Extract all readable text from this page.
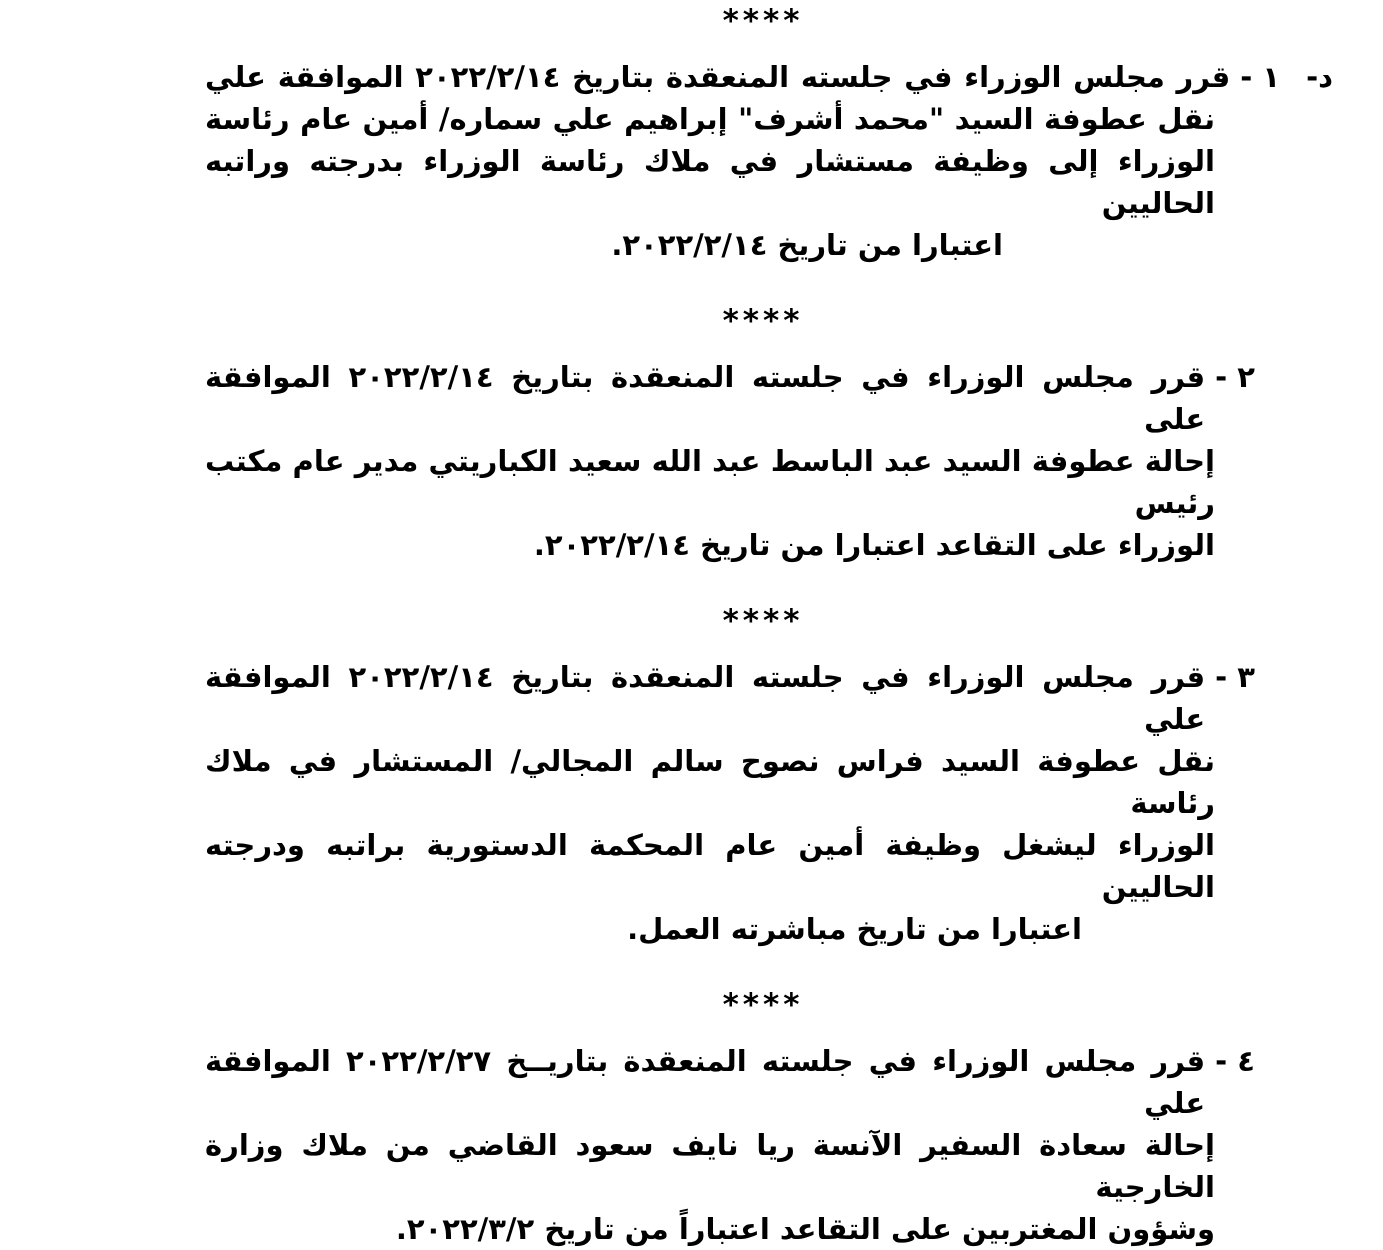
****
د-
١ -
قرر مجلس الوزراء في جلسته المنعقدة بتاريخ ٢٠٢٢/٢/١٤ الموافقة علي
نقل عطوفة السيد "محمد أشرف" إبراهيم علي سماره/ أمين عام رئاسة
الوزراء إلى وظيفة مستشار في ملاك رئاسة الوزراء بدرجته وراتبه الحاليين
اعتبارا من تاريخ ٢٠٢٢/٢/١٤.
****
٢ -
قرر مجلس الوزراء في جلسته المنعقدة بتاريخ ٢٠٢٢/٢/١٤ الموافقة على
إحالة عطوفة السيد عبد الباسط عبد الله سعيد الكباريتي مدير عام مكتب رئيس
الوزراء على التقاعد اعتبارا من تاريخ ٢٠٢٢/٢/١٤.
****
٣ -
قرر مجلس الوزراء في جلسته المنعقدة بتاريخ ٢٠٢٢/٢/١٤ الموافقة علي
نقل عطوفة السيد فراس نصوح سالم المجالي/ المستشار في ملاك رئاسة
الوزراء ليشغل وظيفة أمين عام المحكمة الدستورية براتبه ودرجته الحاليين
اعتبارا من تاريخ مباشرته العمل.
****
٤ -
قرر مجلس الوزراء في جلسته المنعقدة بتاريــخ ٢٠٢٢/٢/٢٧ الموافقة علي
إحالة سعادة السفير الآنسة ريا نايف سعود القاضي من ملاك وزارة الخارجية
وشؤون المغتربين على التقاعد اعتباراً من تاريخ ٢٠٢٢/٣/٢.
